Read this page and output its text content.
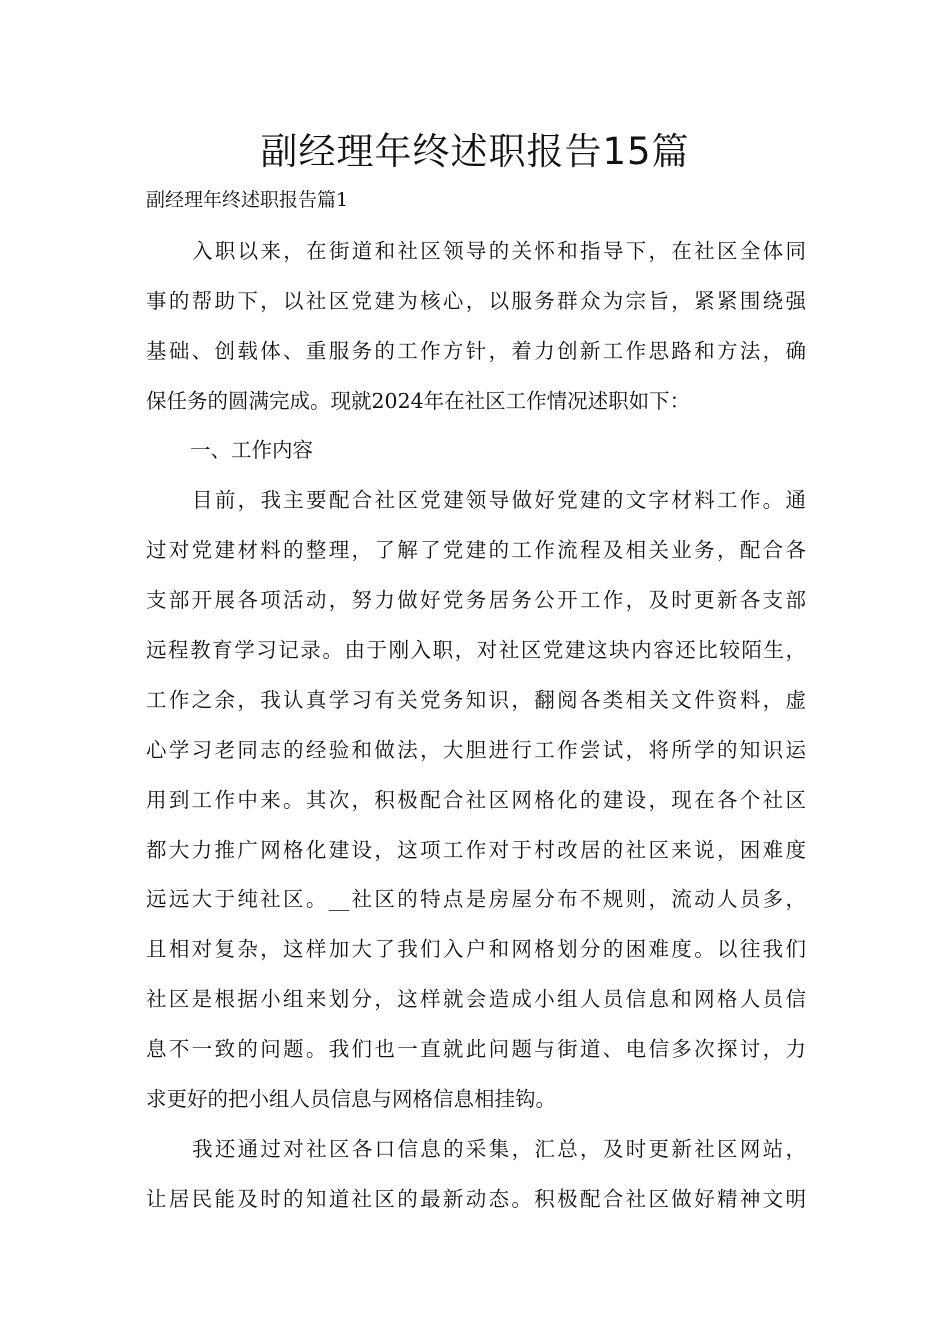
副经理年终述职报告15篇

副经理年终述职报告篇1

入职以来，在街道和社区领导的关怀和指导下，在社区全体同

事的帮助下，以社区党建为核心，以服务群众为宗旨，紧紧围绕强

基础、创载体、重服务的工作方针，着力创新工作思路和方法，确

保任务的圆满完成。现就2024年在社区工作情况述职如下：

一、工作内容

目前，我主要配合社区党建领导做好党建的文字材料工作。通

过对党建材料的整理，了解了党建的工作流程及相关业务，配合各

支部开展各项活动，努力做好党务居务公开工作，及时更新各支部

远程教育学习记录。由于刚入职，对社区党建这块内容还比较陌生，

工作之余，我认真学习有关党务知识，翻阅各类相关文件资料，虚

心学习老同志的经验和做法，大胆进行工作尝试，将所学的知识运

用到工作中来。其次，积极配合社区网格化的建设，现在各个社区

都大力推广网格化建设，这项工作对于村改居的社区来说，困难度

远远大于纯社区。__社区的特点是房屋分布不规则，流动人员多，

且相对复杂，这样加大了我们入户和网格划分的困难度。以往我们

社区是根据小组来划分，这样就会造成小组人员信息和网格人员信

息不一致的问题。我们也一直就此问题与街道、电信多次探讨，力

求更好的把小组人员信息与网格信息相挂钩。

我还通过对社区各口信息的采集，汇总，及时更新社区网站，

让居民能及时的知道社区的最新动态。积极配合社区做好精神文明
